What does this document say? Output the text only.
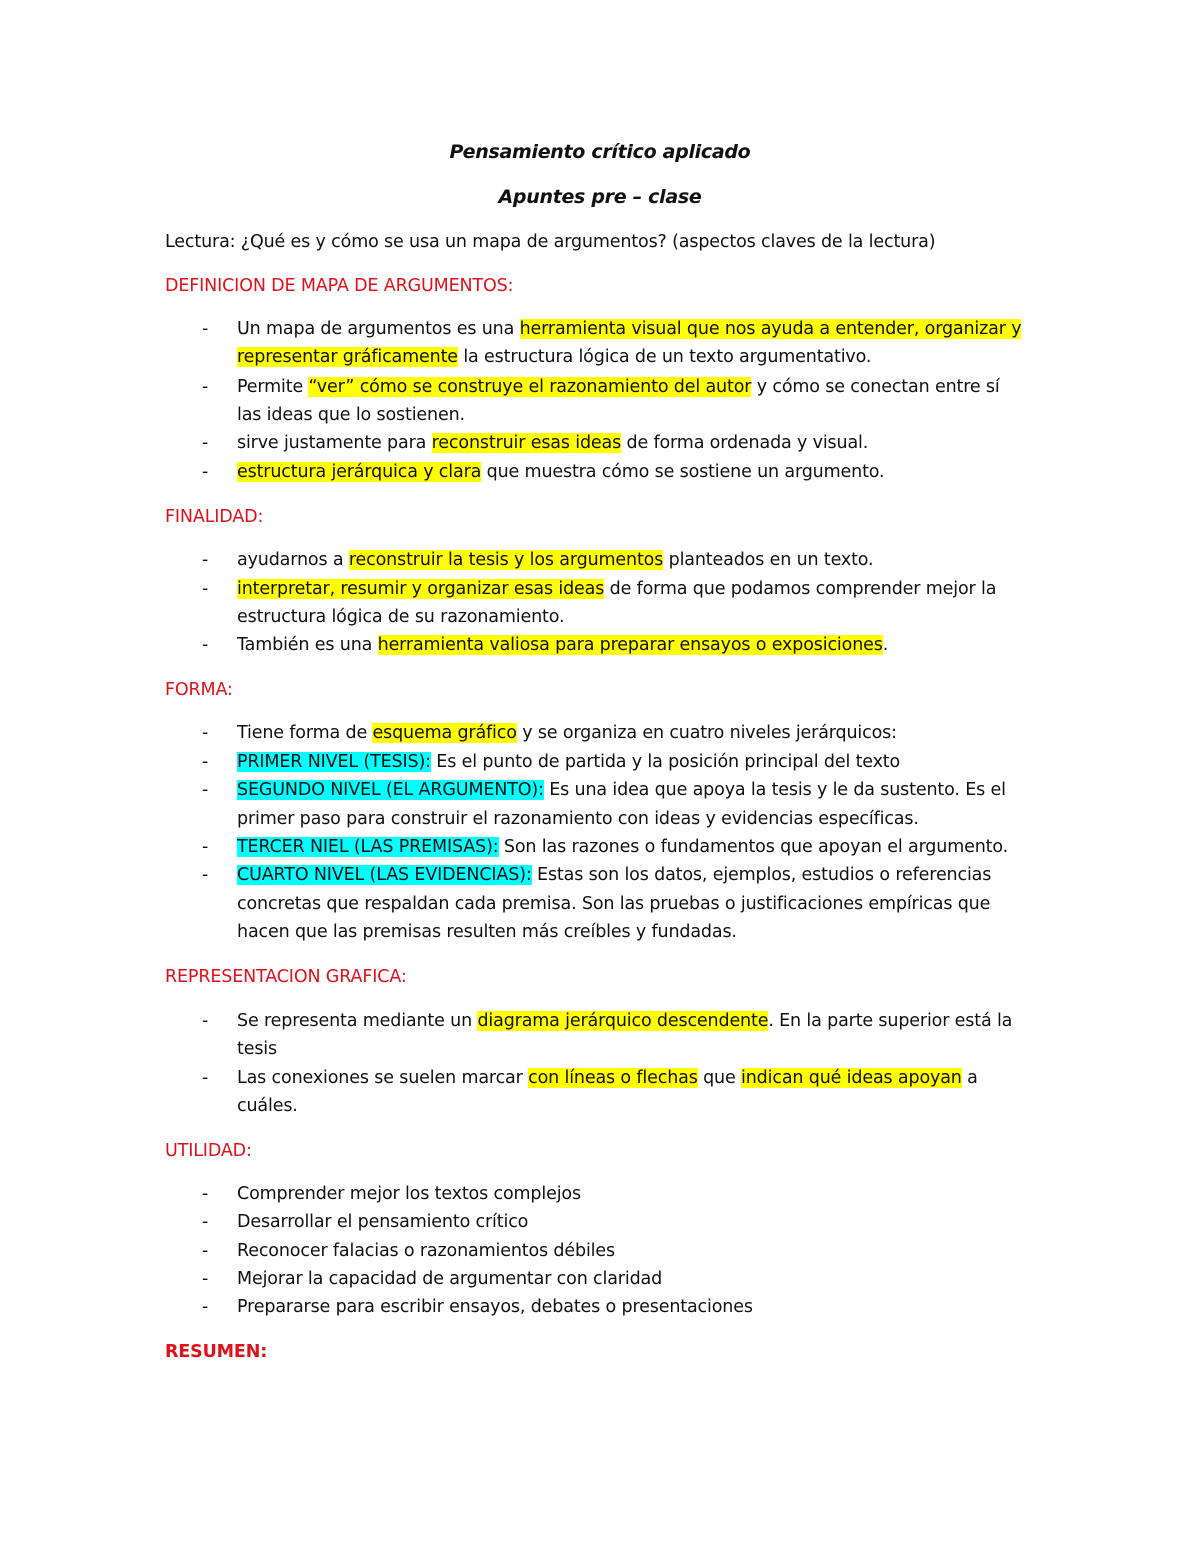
Pensamiento crítico aplicado
Apuntes pre – clase
Lectura: ¿Qué es y cómo se usa un mapa de argumentos? (aspectos claves de la lectura)
DEFINICION DE MAPA DE ARGUMENTOS:
- Un mapa de argumentos es una herramienta visual que nos ayuda a entender, organizar y
representar gráficamente la estructura lógica de un texto argumentativo.
- Permite “ver” cómo se construye el razonamiento del autor y cómo se conectan entre sí
las ideas que lo sostienen.
- sirve justamente para reconstruir esas ideas de forma ordenada y visual.
- estructura jerárquica y clara que muestra cómo se sostiene un argumento.
FINALIDAD:
- ayudarnos a reconstruir la tesis y los argumentos planteados en un texto.
- interpretar, resumir y organizar esas ideas de forma que podamos comprender mejor la
estructura lógica de su razonamiento.
- También es una herramienta valiosa para preparar ensayos o exposiciones.
FORMA:
- Tiene forma de esquema gráfico y se organiza en cuatro niveles jerárquicos:
- PRIMER NIVEL (TESIS): Es el punto de partida y la posición principal del texto
- SEGUNDO NIVEL (EL ARGUMENTO): Es una idea que apoya la tesis y le da sustento. Es el
primer paso para construir el razonamiento con ideas y evidencias específicas.
- TERCER NIEL (LAS PREMISAS): Son las razones o fundamentos que apoyan el argumento.
- CUARTO NIVEL (LAS EVIDENCIAS): Estas son los datos, ejemplos, estudios o referencias
concretas que respaldan cada premisa. Son las pruebas o justificaciones empíricas que
hacen que las premisas resulten más creíbles y fundadas.
REPRESENTACION GRAFICA:
- Se representa mediante un diagrama jerárquico descendente. En la parte superior está la
tesis
- Las conexiones se suelen marcar con líneas o flechas que indican qué ideas apoyan a
cuáles.
UTILIDAD:
- Comprender mejor los textos complejos
- Desarrollar el pensamiento crítico
- Reconocer falacias o razonamientos débiles
- Mejorar la capacidad de argumentar con claridad
- Prepararse para escribir ensayos, debates o presentaciones
RESUMEN:
